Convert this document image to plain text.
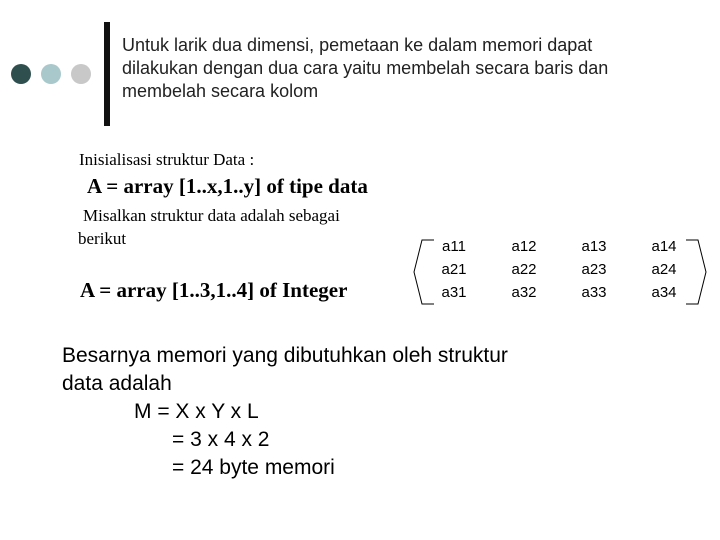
Untuk larik dua dimensi, pemetaan ke dalam memori dapat
dilakukan dengan dua cara yaitu membelah secara baris dan
membelah secara kolom
Inisialisasi struktur Data :
A = array [1..x,1..y] of tipe data
Misalkan struktur data adalah sebagai
berikut
A = array [1..3,1..4] of Integer
a11	a12	a13	a14
a21	a22	a23	a24
a31	a32	a33	a34
Besarnya memori yang dibutuhkan oleh struktur
data adalah
M = X x Y x L
= 3 x 4 x 2
= 24 byte memori
